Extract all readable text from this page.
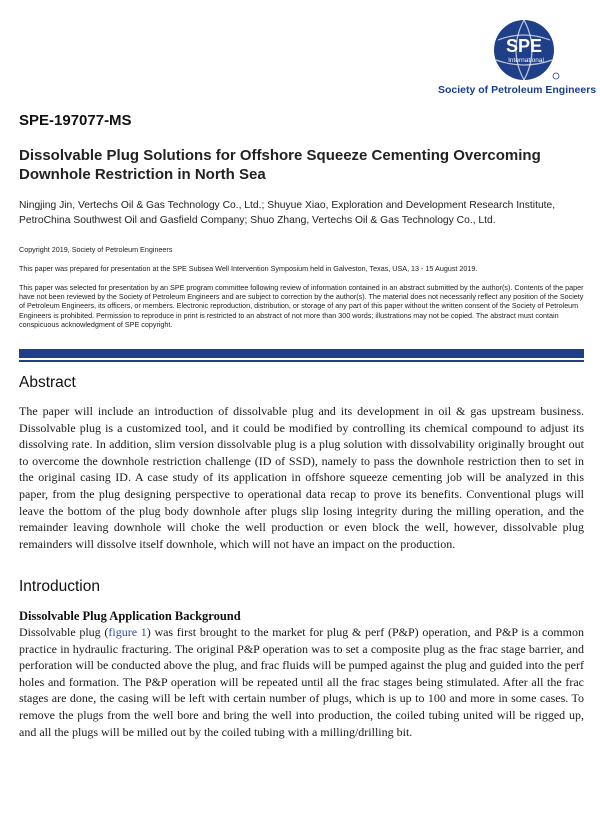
SPE
International
Society of Petroleum Engineers
SPE-197077-MS
Dissolvable Plug Solutions for Offshore Squeeze Cementing Overcoming Downhole Restriction in North Sea

Ningjing Jin, Vertechs Oil & Gas Technology Co., Ltd.; Shuyue Xiao, Exploration and Development Research Institute, PetroChina Southwest Oil and Gasfield Company; Shuo Zhang, Vertechs Oil & Gas Technology Co., Ltd.

Copyright 2019, Society of Petroleum Engineers

This paper was prepared for presentation at the SPE Subsea Well Intervention Symposium held in Galveston, Texas, USA, 13 - 15 August 2019.

This paper was selected for presentation by an SPE program committee following review of information contained in an abstract submitted by the author(s). Contents of the paper have not been reviewed by the Society of Petroleum Engineers and are subject to correction by the author(s). The material does not necessarily reflect any position of the Society of Petroleum Engineers, its officers, or members. Electronic reproduction, distribution, or storage of any part of this paper without the written consent of the Society of Petroleum Engineers is prohibited. Permission to reproduce in print is restricted to an abstract of not more than 300 words; illustrations may not be copied. The abstract must contain conspicuous acknowledgment of SPE copyright.

Abstract

The paper will include an introduction of dissolvable plug and its development in oil & gas upstream business. Dissolvable plug is a customized tool, and it could be modified by controlling its chemical compound to adjust its dissolving rate. In addition, slim version dissolvable plug is a plug solution with dissolvability originally brought out to overcome the downhole restriction challenge (ID of SSD), namely to pass the downhole restriction then to set in the original casing ID. A case study of its application in offshore squeeze cementing job will be analyzed in this paper, from the plug designing perspective to operational data recap to prove its benefits. Conventional plugs will leave the bottom of the plug body downhole after plugs slip losing integrity during the milling operation, and the remainder leaving downhole will choke the well production or even block the well, however, dissolvable plug remainders will dissolve itself downhole, which will not have an impact on the production.

Introduction
Dissolvable Plug Application Background

Dissolvable plug (figure 1) was first brought to the market for plug & perf (P&P) operation, and P&P is a common practice in hydraulic fracturing. The original P&P operation was to set a composite plug as the frac stage barrier, and perforation will be conducted above the plug, and frac fluids will be pumped against the plug and guided into the perf holes and formation. The P&P operation will be repeated until all the frac stages being stimulated. After all the frac stages are done, the casing will be left with certain number of plugs, which is up to 100 and more in some cases. To remove the plugs from the well bore and bring the well into production, the coiled tubing united will be rigged up, and all the plugs will be milled out by the coiled tubing with a milling/drilling bit.
